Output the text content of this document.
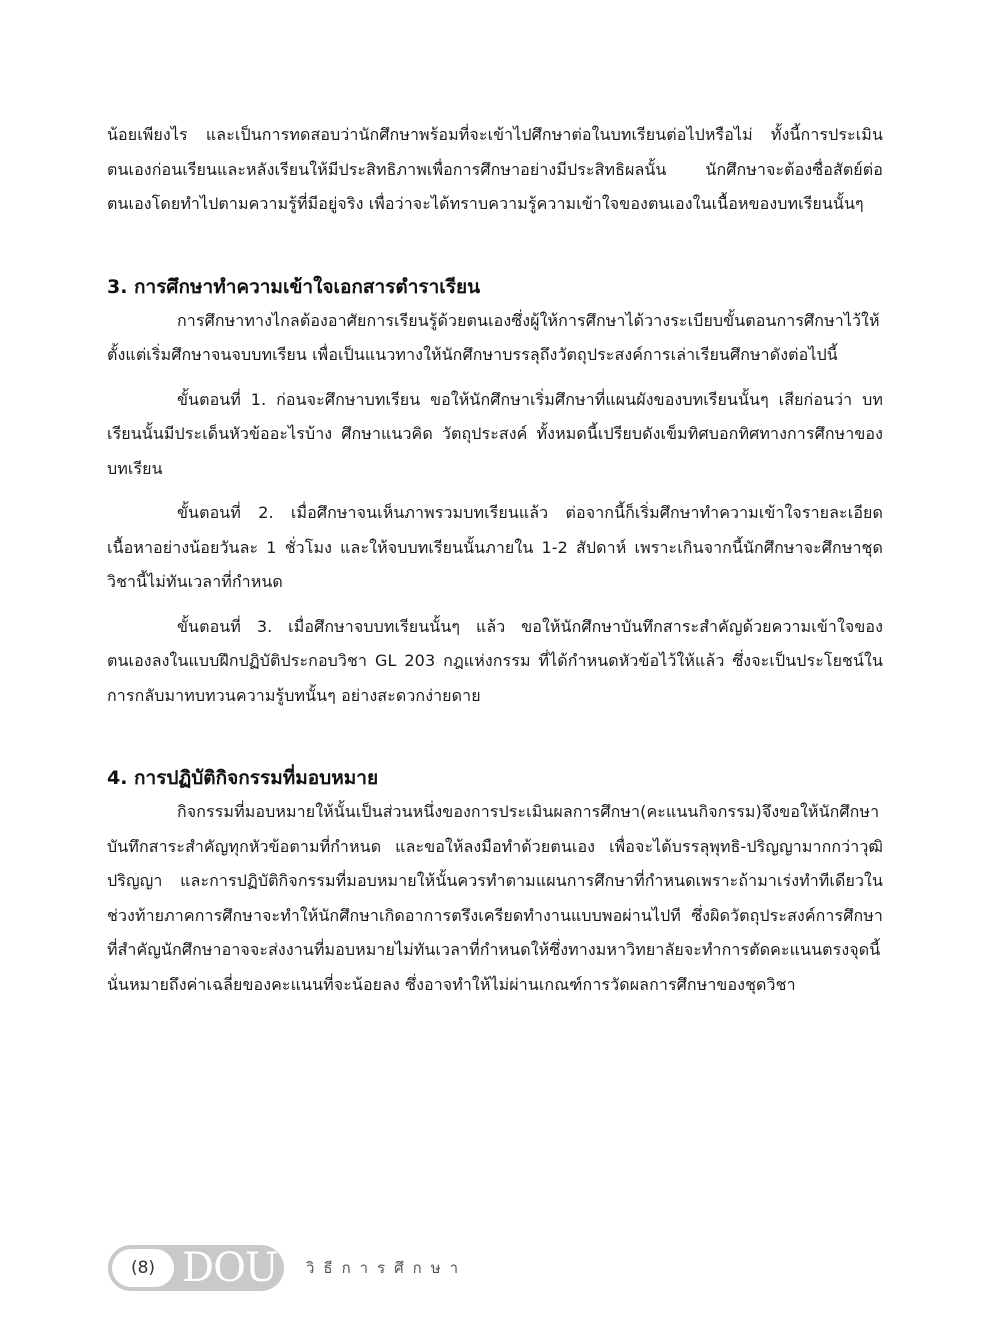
น้อยเพียงไร และเป็นการทดสอบว่านักศึกษาพร้อมที่จะเข้าไปศึกษาต่อในบทเรียนต่อไปหรือไม่ ทั้งนี้การประเมินตนเองก่อนเรียนและหลังเรียนให้มีประสิทธิภาพเพื่อการศึกษาอย่างมีประสิทธิผลนั้น นักศึกษาจะต้องซื่อสัตย์ต่อตนเองโดยทำไปตามความรู้ที่มีอยู่จริง เพื่อว่าจะได้ทราบความรู้ความเข้าใจของตนเองในเนื้อหของบทเรียนนั้นๆ

3. การศึกษาทำความเข้าใจเอกสารตำราเรียน

การศึกษาทางไกลต้องอาศัยการเรียนรู้ด้วยตนเองซึ่งผู้ให้การศึกษาได้วางระเบียบขั้นตอนการศึกษาไว้ให้ตั้งแต่เริ่มศึกษาจนจบบทเรียน เพื่อเป็นแนวทางให้นักศึกษาบรรลุถึงวัตถุประสงค์การเล่าเรียนศึกษาดังต่อไปนี้

ขั้นตอนที่ 1. ก่อนจะศึกษาบทเรียน ขอให้นักศึกษาเริ่มศึกษาที่แผนผังของบทเรียนนั้นๆ เสียก่อนว่า บทเรียนนั้นมีประเด็นหัวข้ออะไรบ้าง ศึกษาแนวคิด วัตถุประสงค์ ทั้งหมดนี้เปรียบดังเข็มทิศบอกทิศทางการศึกษาของบทเรียน

ขั้นตอนที่ 2. เมื่อศึกษาจนเห็นภาพรวมบทเรียนแล้ว ต่อจากนี้ก็เริ่มศึกษาทำความเข้าใจรายละเอียดเนื้อหาอย่างน้อยวันละ 1 ชั่วโมง และให้จบบทเรียนนั้นภายใน 1-2 สัปดาห์ เพราะเกินจากนี้นักศึกษาจะศึกษาชุดวิชานี้ไม่ทันเวลาที่กำหนด

ขั้นตอนที่ 3. เมื่อศึกษาจบบทเรียนนั้นๆ แล้ว ขอให้นักศึกษาบันทึกสาระสำคัญด้วยความเข้าใจของตนเองลงในแบบฝึกปฏิบัติประกอบวิชา GL 203 กฎแห่งกรรม ที่ได้กำหนดหัวข้อไว้ให้แล้ว ซึ่งจะเป็นประโยชน์ในการกลับมาทบทวนความรู้บทนั้นๆ อย่างสะดวกง่ายดาย

4. การปฏิบัติกิจกรรมที่มอบหมาย

กิจกรรมที่มอบหมายให้นั้นเป็นส่วนหนึ่งของการประเมินผลการศึกษา(คะแนนกิจกรรม)จึงขอให้นักศึกษาบันทึกสาระสำคัญทุกหัวข้อตามที่กำหนด และขอให้ลงมือทำด้วยตนเอง เพื่อจะได้บรรลุพุทธิ-ปริญญามากกว่าวุฒิปริญญา และการปฏิบัติกิจกรรมที่มอบหมายให้นั้นควรทำตามแผนการศึกษาที่กำหนดเพราะถ้ามาเร่งทำทีเดียวในช่วงท้ายภาคการศึกษาจะทำให้นักศึกษาเกิดอาการตรึงเครียดทำงานแบบพอผ่านไปที ซึ่งผิดวัตถุประสงค์การศึกษา ที่สำคัญนักศึกษาอาจจะส่งงานที่มอบหมายไม่ทันเวลาที่กำหนดให้ซึ่งทางมหาวิทยาลัยจะทำการตัดคะแนนตรงจุดนี้ นั่นหมายถึงค่าเฉลี่ยของคะแนนที่จะน้อยลง ซึ่งอาจทำให้ไม่ผ่านเกณฑ์การวัดผลการศึกษาของชุดวิชา

(8) DOU วิธีการศึกษา
